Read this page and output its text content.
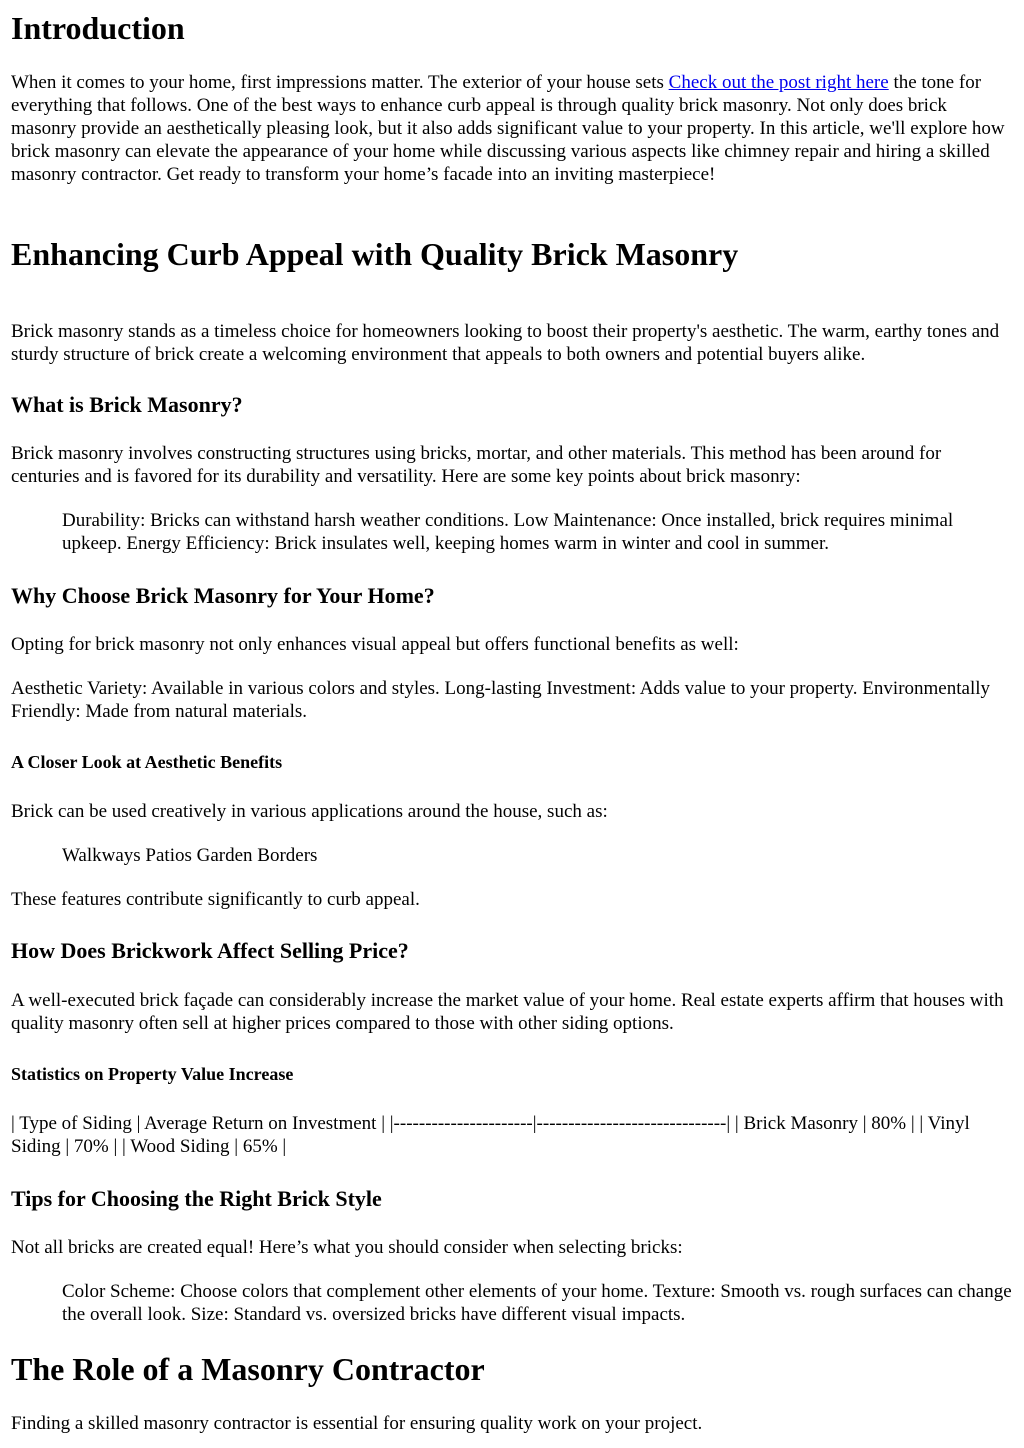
Introduction

When it comes to your home, first impressions matter. The exterior of your house sets Check out the post right here the tone for everything that follows. One of the best ways to enhance curb appeal is through quality brick masonry. Not only does brick masonry provide an aesthetically pleasing look, but it also adds significant value to your property. In this article, we'll explore how brick masonry can elevate the appearance of your home while discussing various aspects like chimney repair and hiring a skilled masonry contractor. Get ready to transform your home’s facade into an inviting masterpiece!

Enhancing Curb Appeal with Quality Brick Masonry

Brick masonry stands as a timeless choice for homeowners looking to boost their property's aesthetic. The warm, earthy tones and sturdy structure of brick create a welcoming environment that appeals to both owners and potential buyers alike.

What is Brick Masonry?

Brick masonry involves constructing structures using bricks, mortar, and other materials. This method has been around for centuries and is favored for its durability and versatility. Here are some key points about brick masonry:

Durability: Bricks can withstand harsh weather conditions. Low Maintenance: Once installed, brick requires minimal upkeep. Energy Efficiency: Brick insulates well, keeping homes warm in winter and cool in summer.
Why Choose Brick Masonry for Your Home?

Opting for brick masonry not only enhances visual appeal but offers functional benefits as well:

Aesthetic Variety: Available in various colors and styles. Long-lasting Investment: Adds value to your property. Environmentally Friendly: Made from natural materials.

A Closer Look at Aesthetic Benefits

Brick can be used creatively in various applications around the house, such as:

Walkways Patios Garden Borders

These features contribute significantly to curb appeal.

How Does Brickwork Affect Selling Price?

A well-executed brick façade can considerably increase the market value of your home. Real estate experts affirm that houses with quality masonry often sell at higher prices compared to those with other siding options.

Statistics on Property Value Increase

| Type of Siding | Average Return on Investment | |----------------------|------------------------------| | Brick Masonry | 80% | | Vinyl Siding | 70% | | Wood Siding | 65% |

Tips for Choosing the Right Brick Style

Not all bricks are created equal! Here’s what you should consider when selecting bricks:

Color Scheme: Choose colors that complement other elements of your home. Texture: Smooth vs. rough surfaces can change the overall look. Size: Standard vs. oversized bricks have different visual impacts.
The Role of a Masonry Contractor

Finding a skilled masonry contractor is essential for ensuring quality work on your project.
